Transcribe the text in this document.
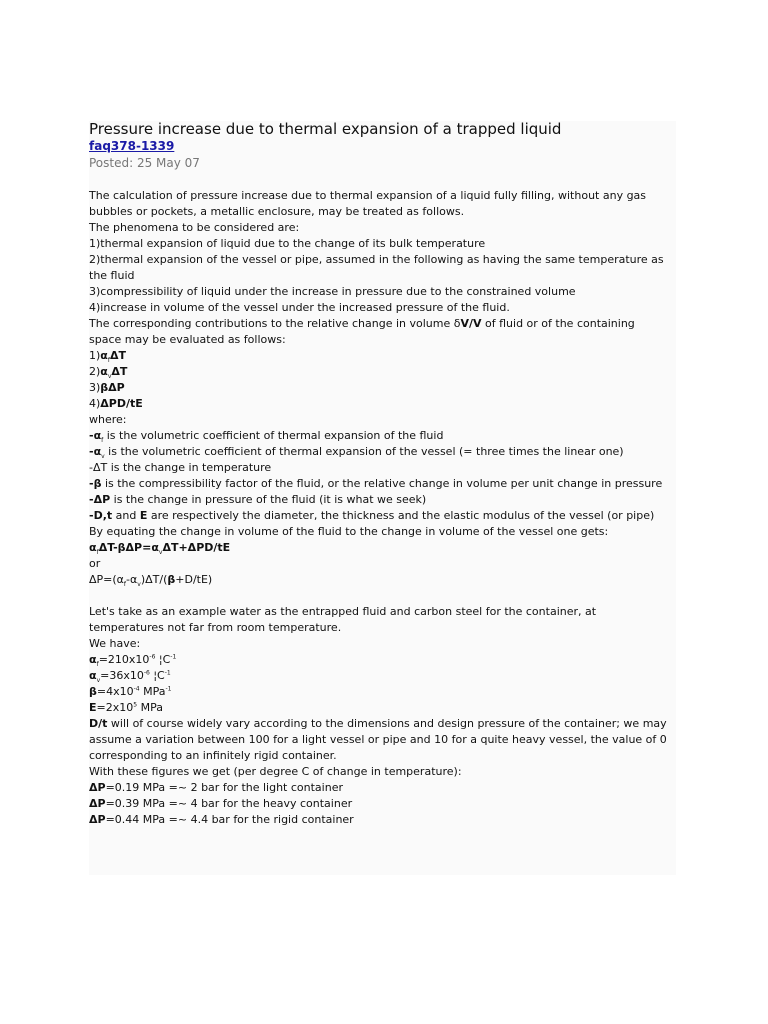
Pressure increase due to thermal expansion of a trapped liquid
faq378-1339
Posted: 25 May 07

The calculation of pressure increase due to thermal expansion of a liquid fully filling, without any gas bubbles or pockets, a metallic enclosure, may be treated as follows.

The phenomena to be considered are:

1)thermal expansion of liquid due to the change of its bulk temperature

2)thermal expansion of the vessel or pipe, assumed in the following as having the same temperature as the fluid

3)compressibility of liquid under the increase in pressure due to the constrained volume

4)increase in volume of the vessel under the increased pressure of the fluid.

The corresponding contributions to the relative change in volume δV/V of fluid or of the containing space may be evaluated as follows:

$1)\alpha_f\Delta T$

$2)\alpha_v\Delta T$

3)βΔP

4)ΔPD/tE

where:

$-\alpha_f$ is the volumetric coefficient of thermal expansion of the fluid

$-\alpha_v$ is the volumetric coefficient of thermal expansion of the vessel (= three times the linear one)

-ΔT is the change in temperature

-β is the compressibility factor of the fluid, or the relative change in volume per unit change in pressure

-ΔP is the change in pressure of the fluid (it is what we seek)

-D,t and E are respectively the diameter, the thickness and the elastic modulus of the vessel (or pipe)

By equating the change in volume of the fluid to the change in volume of the vessel one gets:

$\alpha_f\Delta T-\beta\Delta P=\alpha_v\Delta T+\Delta PD/tE$

or

$\Delta P=(\alpha_f-\alpha_v)\Delta T/(\beta+D/tE)$

Let's take as an example water as the entrapped fluid and carbon steel for the container, at temperatures not far from room temperature.

We have:

$\alpha_f=210x10^{-6}$ $¦C^{-1}$

$\alpha_v=36x10^{-6}$ $¦C^{-1}$

$\beta=4x10^{-4}$ MPa$^{-1}$

$E=2x10^5$ MPa

D/t will of course widely vary according to the dimensions and design pressure of the container; we may assume a variation between 100 for a light vessel or pipe and 10 for a quite heavy vessel, the value of 0 corresponding to an infinitely rigid container.

With these figures we get (per degree C of change in temperature):

ΔP=0.19 MPa =~ 2 bar for the light container

ΔP=0.39 MPa =~ 4 bar for the heavy container

ΔP=0.44 MPa =~ 4.4 bar for the rigid container
